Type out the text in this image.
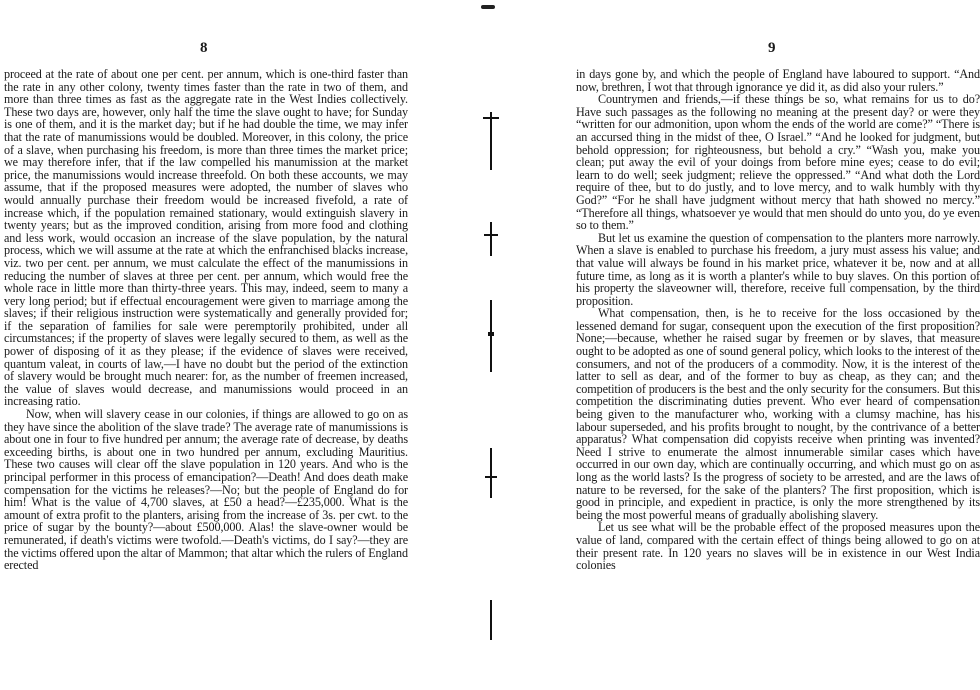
8

proceed at the rate of about one per cent. per annum, which is one-third faster than the rate in any other colony, twenty times faster than the rate in two of them, and more than three times as fast as the aggregate rate in the West Indies collectively. These two days are, however, only half the time the slave ought to have; for Sunday is one of them, and it is the market day; but if he had double the time, we may infer that the rate of manumissions would be doubled. Moreover, in this colony, the price of a slave, when purchasing his freedom, is more than three times the market price; we may therefore infer, that if the law compelled his manumission at the market price, the manumissions would increase threefold. On both these accounts, we may assume, that if the proposed measures were adopted, the number of slaves who would annually purchase their freedom would be increased fivefold, a rate of increase which, if the population remained stationary, would extinguish slavery in twenty years; but as the improved condition, arising from more food and clothing and less work, would occasion an increase of the slave population, by the natural process, which we will assume at the rate at which the enfranchised blacks increase, viz. two per cent. per annum, we must calculate the effect of the manumissions in reducing the number of slaves at three per cent. per annum, which would free the whole race in little more than thirty-three years. This may, indeed, seem to many a very long period; but if effectual encouragement were given to marriage among the slaves; if their religious instruction were systematically and generally provided for; if the separation of families for sale were peremptorily prohibited, under all circumstances; if the property of slaves were legally secured to them, as well as the power of disposing of it as they please; if the evidence of slaves were received, quantum valeat, in courts of law,—I have no doubt but the period of the extinction of slavery would be brought much nearer: for, as the number of freemen increased, the value of slaves would decrease, and manumissions would proceed in an increasing ratio.

Now, when will slavery cease in our colonies, if things are allowed to go on as they have since the abolition of the slave trade? The average rate of manumissions is about one in four to five hundred per annum; the average rate of decrease, by deaths exceeding births, is about one in two hundred per annum, excluding Mauritius. These two causes will clear off the slave population in 120 years. And who is the principal performer in this process of emancipation?—Death! And does death make compensation for the victims he releases?—No; but the people of England do for him! What is the value of 4,700 slaves, at £50 a head?—£235,000. What is the amount of extra profit to the planters, arising from the increase of 3s. per cwt. to the price of sugar by the bounty?—about £500,000. Alas! the slave-owner would be remunerated, if death's victims were twofold.—Death's victims, do I say?—they are the victims offered upon the altar of Mammon; that altar which the rulers of England erected

9

in days gone by, and which the people of England have laboured to support. “And now, brethren, I wot that through ignorance ye did it, as did also your rulers.”

Countrymen and friends,—if these things be so, what remains for us to do? Have such passages as the following no meaning at the present day? or were they “written for our admonition, upon whom the ends of the world are come?” “There is an accursed thing in the midst of thee, O Israel.” “And he looked for judgment, but behold oppression; for righteousness, but behold a cry.” “Wash you, make you clean; put away the evil of your doings from before mine eyes; cease to do evil; learn to do well; seek judgment; relieve the oppressed.” “And what doth the Lord require of thee, but to do justly, and to love mercy, and to walk humbly with thy God?” “For he shall have judgment without mercy that hath showed no mercy.” “Therefore all things, whatsoever ye would that men should do unto you, do ye even so to them.”

But let us examine the question of compensation to the planters more narrowly. When a slave is enabled to purchase his freedom, a jury must assess his value; and that value will always be found in his market price, whatever it be, now and at all future time, as long as it is worth a planter's while to buy slaves. On this portion of his property the slaveowner will, therefore, receive full compensation, by the third proposition.

What compensation, then, is he to receive for the loss occasioned by the lessened demand for sugar, consequent upon the execution of the first proposition? None;—because, whether he raised sugar by freemen or by slaves, that measure ought to be adopted as one of sound general policy, which looks to the interest of the consumers, and not of the producers of a commodity. Now, it is the interest of the latter to sell as dear, and of the former to buy as cheap, as they can; and the competition of producers is the best and the only security for the consumers. But this competition the discriminating duties prevent. Who ever heard of compensation being given to the manufacturer who, working with a clumsy machine, has his labour superseded, and his profits brought to nought, by the contrivance of a better apparatus? What compensation did copyists receive when printing was invented? Need I strive to enumerate the almost innumerable similar cases which have occurred in our own day, which are continually occurring, and which must go on as long as the world lasts? Is the progress of society to be arrested, and are the laws of nature to be reversed, for the sake of the planters? The first proposition, which is good in principle, and expedient in practice, is only the more strengthened by its being the most powerful means of gradually abolishing slavery.

Let us see what will be the probable effect of the proposed measures upon the value of land, compared with the certain effect of things being allowed to go on at their present rate. In 120 years no slaves will be in existence in our West India colonies
